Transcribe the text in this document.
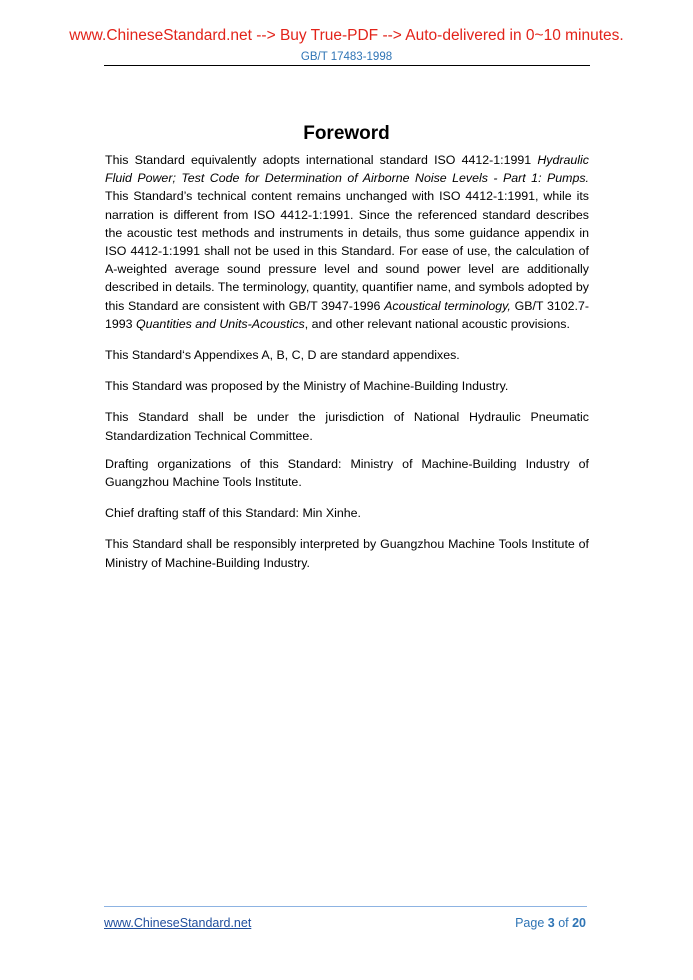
www.ChineseStandard.net --> Buy True-PDF --> Auto-delivered in 0~10 minutes.
GB/T 17483-1998
Foreword

This Standard equivalently adopts international standard ISO 4412-1:1991 Hydraulic Fluid Power; Test Code for Determination of Airborne Noise Levels - Part 1: Pumps. This Standard’s technical content remains unchanged with ISO 4412-1:1991, while its narration is different from ISO 4412-1:1991. Since the referenced standard describes the acoustic test methods and instruments in details, thus some guidance appendix in ISO 4412-1:1991 shall not be used in this Standard. For ease of use, the calculation of A-weighted average sound pressure level and sound power level are additionally described in details. The terminology, quantity, quantifier name, and symbols adopted by this Standard are consistent with GB/T 3947-1996 Acoustical terminology, GB/T 3102.7-1993 Quantities and Units-Acoustics, and other relevant national acoustic provisions.

This Standard‘s Appendixes A, B, C, D are standard appendixes.

This Standard was proposed by the Ministry of Machine-Building Industry.

This Standard shall be under the jurisdiction of National Hydraulic Pneumatic Standardization Technical Committee.

Drafting organizations of this Standard: Ministry of Machine-Building Industry of Guangzhou Machine Tools Institute.

Chief drafting staff of this Standard: Min Xinhe.

This Standard shall be responsibly interpreted by Guangzhou Machine Tools Institute of Ministry of Machine-Building Industry.

www.ChineseStandard.net	Page 3 of 20
